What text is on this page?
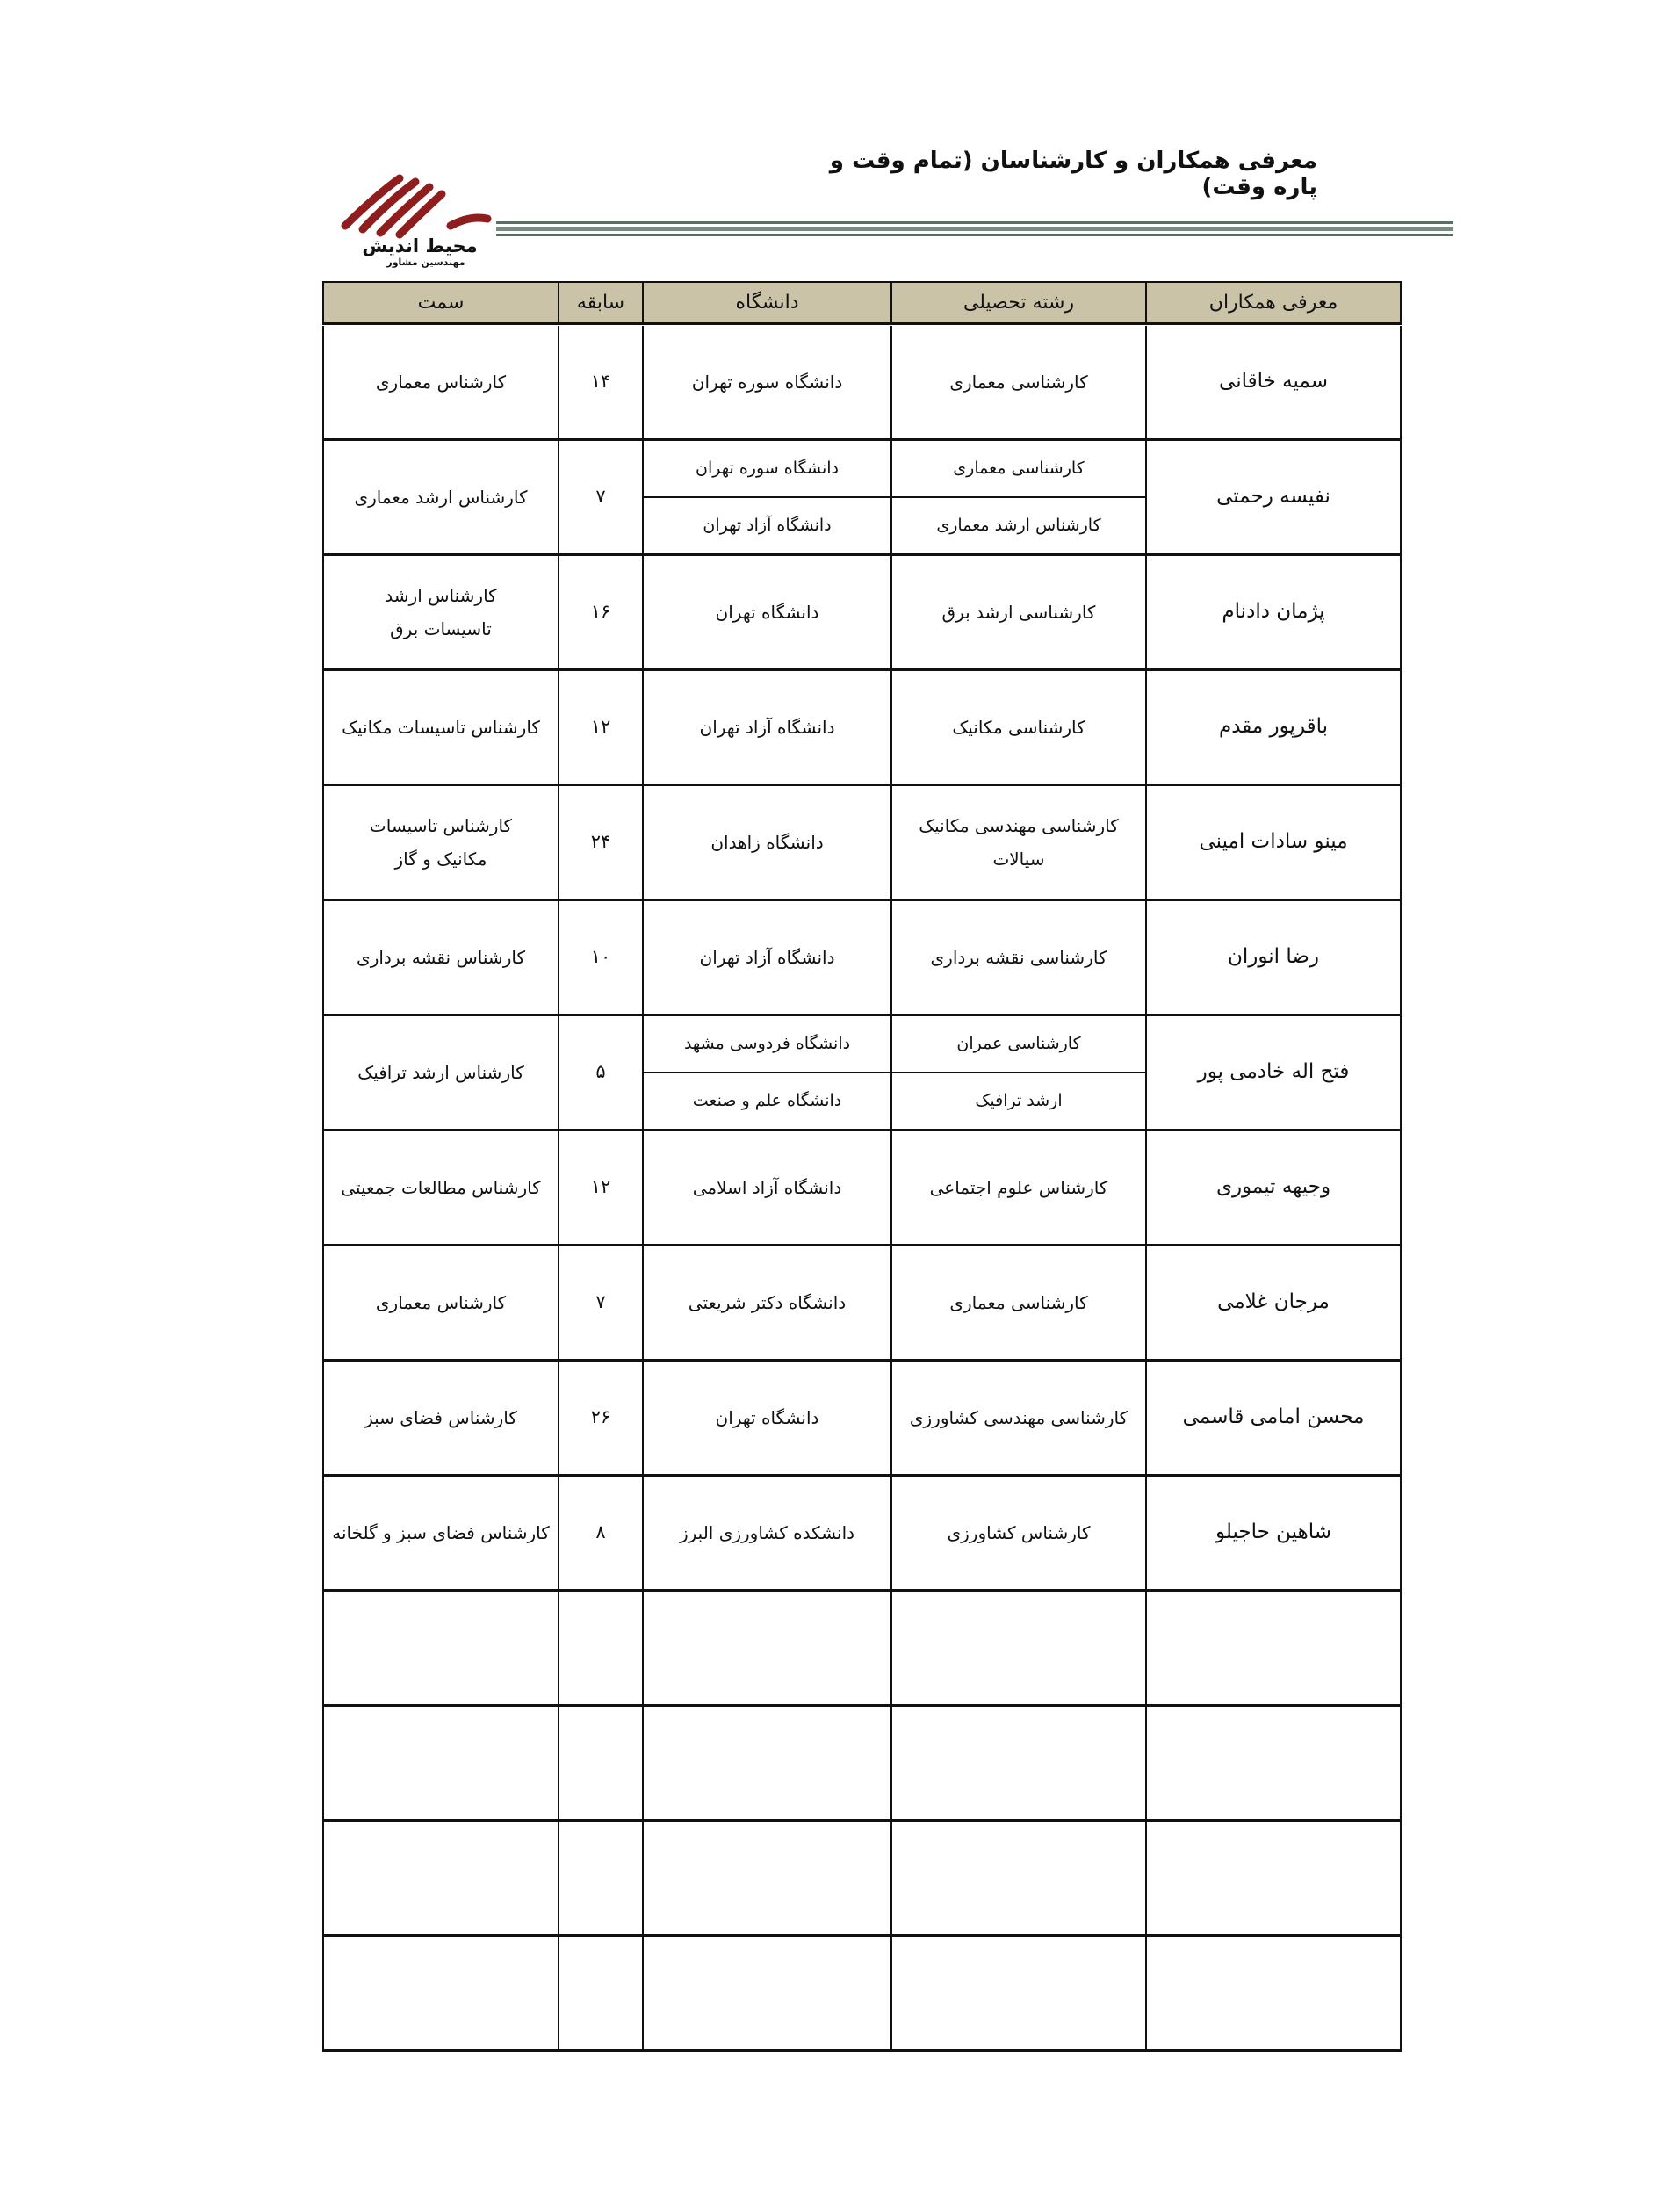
معرفی همکاران و کارشناسان (تمام وقت و پاره وقت)
محیط اندیش
مهندسین مشاور
معرفی همکاران
رشته تحصیلی
دانشگاه
سابقه
سمت
سمیه خاقانی
کارشناسی معماری
دانشگاه سوره تهران
۱۴
کارشناس معماری
نفیسه رحمتی
کارشناسی معماری
کارشناس ارشد معماری
دانشگاه سوره تهران
دانشگاه آزاد تهران
۷
کارشناس ارشد معماری
پژمان دادنام
کارشناسی ارشد برق
دانشگاه تهران
۱۶
کارشناس ارشد
تاسیسات برق
باقرپور مقدم
کارشناسی مکانیک
دانشگاه آزاد تهران
۱۲
کارشناس تاسیسات مکانیک
مینو سادات امینی
کارشناسی مهندسی مکانیک
سیالات
دانشگاه زاهدان
۲۴
کارشناس تاسیسات
مکانیک و گاز
رضا انوران
کارشناسی نقشه برداری
دانشگاه آزاد تهران
۱۰
کارشناس نقشه برداری
فتح اله خادمی پور
کارشناسی عمران
ارشد ترافیک
دانشگاه فردوسی مشهد
دانشگاه علم و صنعت
۵
کارشناس ارشد ترافیک
وجیهه تیموری
کارشناس علوم اجتماعی
دانشگاه آزاد اسلامی
۱۲
کارشناس مطالعات جمعیتی
مرجان غلامی
کارشناسی معماری
دانشگاه دکتر شریعتی
۷
کارشناس معماری
محسن امامی قاسمی
کارشناسی مهندسی کشاورزی
دانشگاه تهران
۲۶
کارشناس فضای سبز
شاهین حاجیلو
کارشناس کشاورزی
دانشکده کشاورزی البرز
۸
کارشناس فضای سبز و گلخانه
